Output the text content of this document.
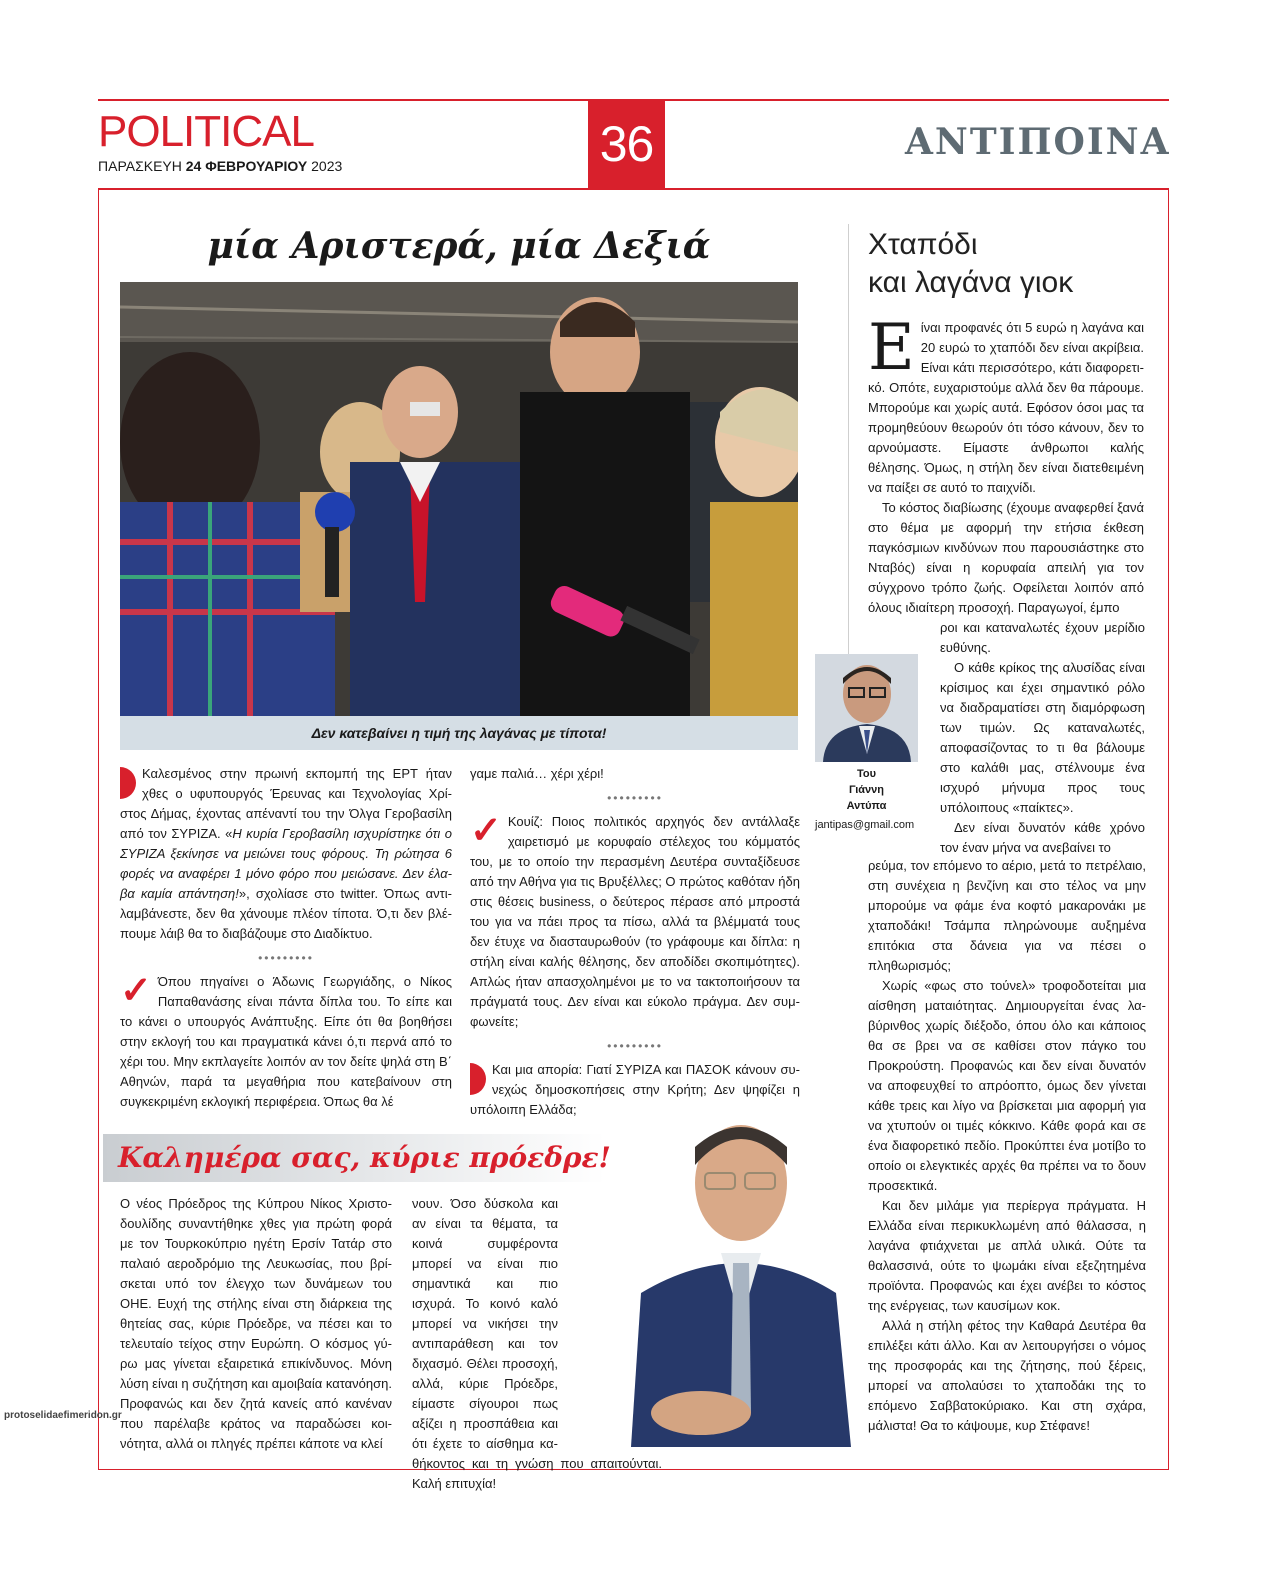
POLITICAL
ΠΑΡΑΣΚΕΥΗ 24 ΦΕΒΡΟΥΑΡΙΟΥ 2023	36	ΑΝΤΙΠΟΙΝΑ
μία Αριστερά, μία Δεξιά
Δεν κατεβαίνει η τιμή της λαγάνας με τίποτα!

Καλεσμένος στην πρωινή εκπομπή της ΕΡΤ ήταν χθες ο υφυπουργός Έρευνας και Τεχνολογίας Χρίστος Δήμας, έχοντας απέναντί του την Όλγα Γεροβασίλη από τον ΣΥΡΙΖΑ. «Η κυρία Γεροβασίλη ισχυρίστηκε ότι ο ΣΥΡΙΖΑ ξεκίνησε να μειώνει τους φόρους. Τη ρώτησα 6 φορές να αναφέρει 1 μόνο φόρο που μειώσανε. Δεν έλαβα καμία απάντηση!», σχολίασε στο twitter. Όπως αντιλαμβάνεστε, δεν θα χάνουμε πλέον τίποτα. Ό,τι δεν βλέπουμε λάιβ θα το διαβάζουμε στο Διαδίκτυο.

•••••••••

✓ Όπου πηγαίνει ο Άδωνις Γεωργιάδης, ο Νίκος Παπαθανάσης είναι πάντα δίπλα του. Το είπε και το κάνει ο υπουργός Ανάπτυξης. Είπε ότι θα βοηθήσει στην εκλογή του και πραγματικά κάνει ό,τι περνά από το χέρι του. Μην εκπλαγείτε λοιπόν αν τον δείτε ψηλά στη Β΄ Αθηνών, παρά τα μεγαθήρια που κατεβαίνουν στη συγκεκριμένη εκλογική περιφέρεια. Όπως θα λέ

γαμε παλιά… χέρι χέρι!

•••••••••

✓ Κουίζ: Ποιος πολιτικός αρχηγός δεν αντάλλαξε χαιρετισμό με κορυφαίο στέλεχος του κόμματός του, με το οποίο την περασμένη Δευτέρα συνταξίδευσε από την Αθήνα για τις Βρυξέλλες; Ο πρώτος καθόταν ήδη στις θέσεις business, ο δεύτερος πέρασε από μπροστά του για να πάει προς τα πίσω, αλλά τα βλέμματά τους δεν έτυχε να διασταυρωθούν (το γράφουμε και δίπλα: η στήλη είναι καλής θέλησης, δεν αποδίδει σκοπιμότητες). Απλώς ήταν απασχολημένοι με το να τακτοποιήσουν τα πράγματά τους. Δεν είναι και εύκολο πράγμα. Δεν συμφωνείτε;

•••••••••

Και μια απορία: Γιατί ΣΥΡΙΖΑ και ΠΑΣΟΚ κάνουν συνεχώς δημοσκοπήσεις στην Κρήτη; Δεν ψηφίζει η υπόλοιπη Ελλάδα;

Χταπόδι
και λαγάνα γιοκ

Είναι προφανές ότι 5 ευρώ η λαγάνα και 20 ευρώ το χταπόδι δεν είναι ακρίβεια. Είναι κάτι περισσότερο, κάτι διαφορετικό. Οπότε, ευχαριστούμε αλλά δεν θα πάρουμε. Μπορούμε και χωρίς αυτά. Εφόσον όσοι μας τα προμηθεύουν θεωρούν ότι τόσο κάνουν, δεν το αρνούμαστε. Είμαστε άνθρωποι καλής θέλησης. Όμως, η στήλη δεν είναι διατεθειμένη να παίξει σε αυτό το παιχνίδι.

Το κόστος διαβίωσης (έχουμε αναφερθεί ξανά στο θέμα με αφορμή την ετήσια έκθεση παγκόσμιων κινδύνων που παρουσιάστηκε στο Νταβός) είναι η κορυφαία απειλή για τον σύγχρονο τρόπο ζωής. Οφείλεται λοιπόν από όλους ιδιαίτερη προσοχή. Παραγωγοί, έμπο

ροι και καταναλωτές έχουν μερίδιο ευθύνης.

Ο κάθε κρίκος της αλυσίδας είναι κρίσιμος και έχει σημαντικό ρόλο να διαδραματίσει στη διαμόρφωση των τιμών. Ως καταναλωτές, αποφασίζοντας το τι θα βάλουμε στο καλάθι μας, στέλνουμε ένα ισχυρό μήνυμα προς τους υπόλοιπους «παίκτες».

Δεν είναι δυνατόν κάθε χρόνο τον έναν μήνα να ανεβαίνει το

Του
Γιάννη
Αντύπα
jantipas@gmail.com

ρεύμα, τον επόμενο το αέριο, μετά το πετρέλαιο, στη συνέχεια η βενζίνη και στο τέλος να μην μπορούμε να φάμε ένα κοφτό μακαρονάκι με χταποδάκι! Τσάμπα πληρώνουμε αυξημένα επιτόκια στα δάνεια για να πέσει ο πληθωρισμός;

Χωρίς «φως στο τούνελ» τροφοδοτείται μια αίσθηση ματαιότητας. Δημιουργείται ένας λαβύρινθος χωρίς διέξοδο, όπου όλο και κάποιος θα σε βρει να σε καθίσει στον πάγκο του Προκρούστη. Προφανώς και δεν είναι δυνατόν να αποφευχθεί το απρόοπτο, όμως δεν γίνεται κάθε τρεις και λίγο να βρίσκεται μια αφορμή για να χτυπούν οι τιμές κόκκινο. Κάθε φορά και σε ένα διαφορετικό πεδίο. Προκύπτει ένα μοτίβο το οποίο οι ελεγκτικές αρχές θα πρέπει να το δουν προσεκτικά.

Και δεν μιλάμε για περίεργα πράγματα. Η Ελλάδα είναι περικυκλωμένη από θάλασσα, η λαγάνα φτιάχνεται με απλά υλικά. Ούτε τα θαλασσινά, ούτε το ψωμάκι είναι εξεζητημένα προϊόντα. Προφανώς και έχει ανέβει το κόστος της ενέργειας, των καυσίμων κοκ.

Αλλά η στήλη φέτος την Καθαρά Δευτέρα θα επιλέξει κάτι άλλο. Και αν λειτουργήσει ο νόμος της προσφοράς και της ζήτησης, πού ξέρεις, μπορεί να απολαύσει το χταποδάκι της το επόμενο Σαββατοκύριακο. Και στη σχάρα, μάλιστα! Θα το κάψουμε, κυρ Στέφανε!

Καλημέρα σας, κύριε πρόεδρε!
Ο νέος Πρόεδρος της Κύπρου Νίκος Χριστοδουλίδης συναντήθηκε χθες για πρώτη φορά με τον Τουρκοκύπριο ηγέτη Ερσίν Τατάρ στο παλαιό αεροδρόμιο της Λευκωσίας, που βρίσκεται υπό τον έλεγχο των δυνάμεων του ΟΗΕ. Ευχή της στήλης είναι στη διάρκεια της θητείας σας, κύριε Πρόεδρε, να πέσει και το τελευταίο τείχος στην Ευρώπη. Ο κόσμος γύρω μας γίνεται εξαιρετικά επικίνδυνος. Μόνη λύση είναι η συζήτηση και αμοιβαία κατανόηση. Προφανώς και δεν ζητά κανείς από κανέναν που παρέλαβε κράτος να παραδώσει κοινότητα, αλλά οι πληγές πρέπει κάποτε να κλεί

νουν. Όσο δύσκολα και αν είναι τα θέματα, τα κοινά συμφέροντα μπορεί να είναι πιο σημαντικά και πιο ισχυρά. Το κοινό καλό μπορεί να νικήσει την αντιπαράθεση και τον διχασμό. Θέλει προσοχή, αλλά, κύριε Πρόεδρε, είμαστε σίγουροι πως αξίζει η προσπάθεια και ότι έχετε το αίσθημα καθήκοντος και τη γνώση που απαιτούνται. Καλή επιτυχία!

protoselidaefimeridon.gr
